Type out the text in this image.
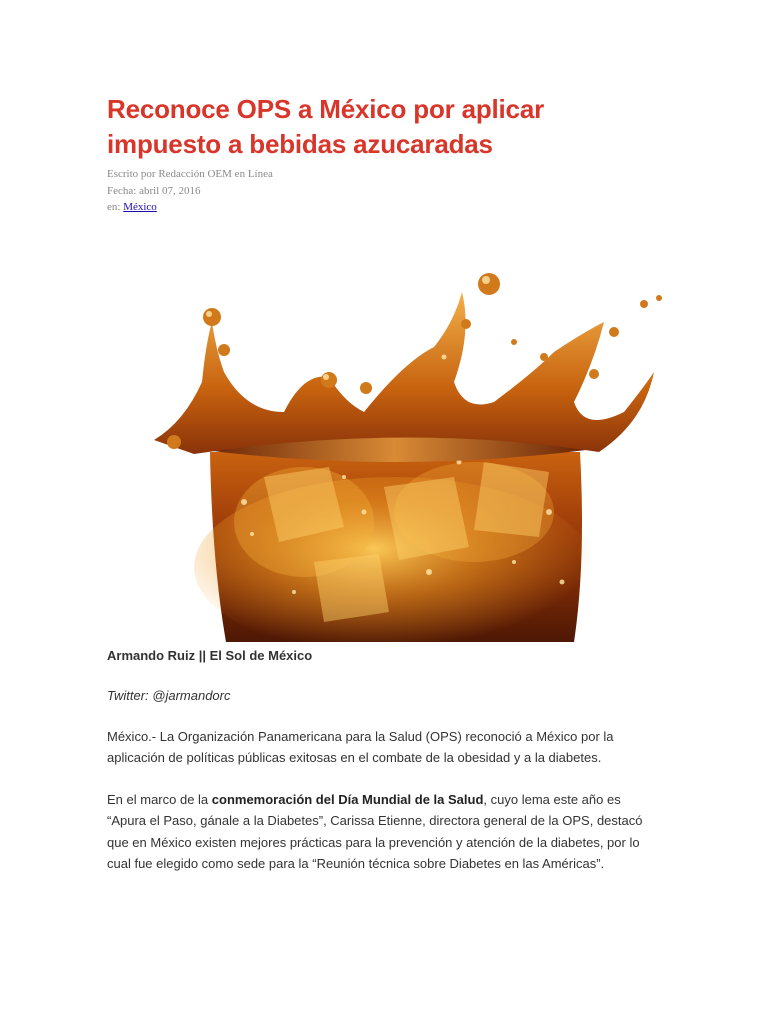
Reconoce OPS a México por aplicar
impuesto a bebidas azucaradas
Escrito por Redacción OEM en Línea
Fecha: abril 07, 2016
en: México
Armando Ruiz || El Sol de México
Twitter: @jarmandorc

México.- La Organización Panamericana para la Salud (OPS) reconoció a México por la aplicación de políticas públicas exitosas en el combate de la obesidad y a la diabetes.

En el marco de la conmemoración del Día Mundial de la Salud, cuyo lema este año es “Apura el Paso, gánale a la Diabetes”, Carissa Etienne, directora general de la OPS, destacó que en México existen mejores prácticas para la prevención y atención de la diabetes, por lo cual fue elegido como sede para la “Reunión técnica sobre Diabetes en las Américas”.
